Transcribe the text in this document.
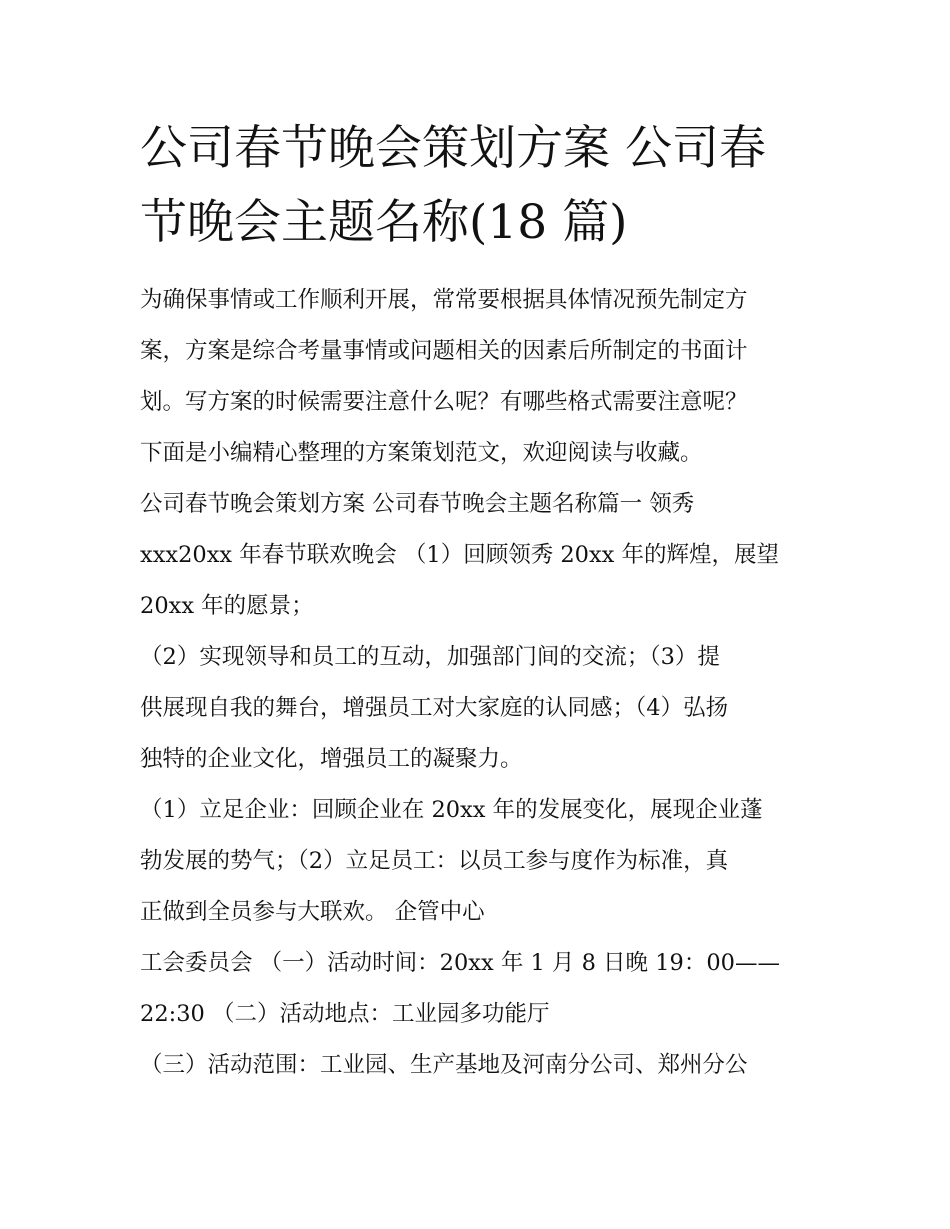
公司春节晚会策划方案 公司春
节晚会主题名称(18 篇)

为确保事情或工作顺利开展，常常要根据具体情况预先制定方

案，方案是综合考量事情或问题相关的因素后所制定的书面计

划。写方案的时候需要注意什么呢？有哪些格式需要注意呢？

下面是小编精心整理的方案策划范文，欢迎阅读与收藏。

公司春节晚会策划方案 公司春节晚会主题名称篇一 领秀

xxx20xx 年春节联欢晚会 （1）回顾领秀 20xx 年的辉煌，展望

20xx 年的愿景；

（2）实现领导和员工的互动，加强部门间的交流；（3）提

供展现自我的舞台，增强员工对大家庭的认同感；（4）弘扬

独特的企业文化，增强员工的凝聚力。

（1）立足企业：回顾企业在 20xx 年的发展变化，展现企业蓬

勃发展的势气；（2）立足员工：以员工参与度作为标准，真

正做到全员参与大联欢。 企管中心

工会委员会 （一）活动时间：20xx 年 1 月 8 日晚 19：00——

22:30 （二）活动地点：工业园多功能厅

（三）活动范围：工业园、生产基地及河南分公司、郑州分公
